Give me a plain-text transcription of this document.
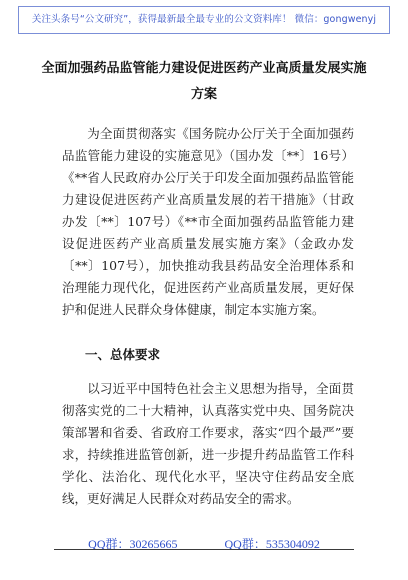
关注头条号“公文研究”，获得最新最全最专业的公文资料库！ 微信：gongwenyj
全面加强药品监管能力建设促进医药产业高质量发展实施方案
为全面贯彻落实《国务院办公厅关于全面加强药品监管能力建设的实施意见》（国办发〔**〕16号）《**省人民政府办公厅关于印发全面加强药品监管能力建设促进医药产业高质量发展的若干措施》（甘政办发〔**〕107号）《**市全面加强药品监管能力建设促进医药产业高质量发展实施方案》（金政办发〔**〕107号），加快推动我县药品安全治理体系和治理能力现代化，促进医药产业高质量发展，更好保护和促进人民群众身体健康，制定本实施方案。
一、总体要求
以习近平中国特色社会主义思想为指导，全面贯彻落实党的二十大精神，认真落实党中央、国务院决策部署和省委、省政府工作要求，落实“四个最严”要求，持续推进监管创新，进一步提升药品监管工作科学化、法治化、现代化水平，坚决守住药品安全底线，更好满足人民群众对药品安全的需求。
QQ群：30265665	QQ群：535304092
